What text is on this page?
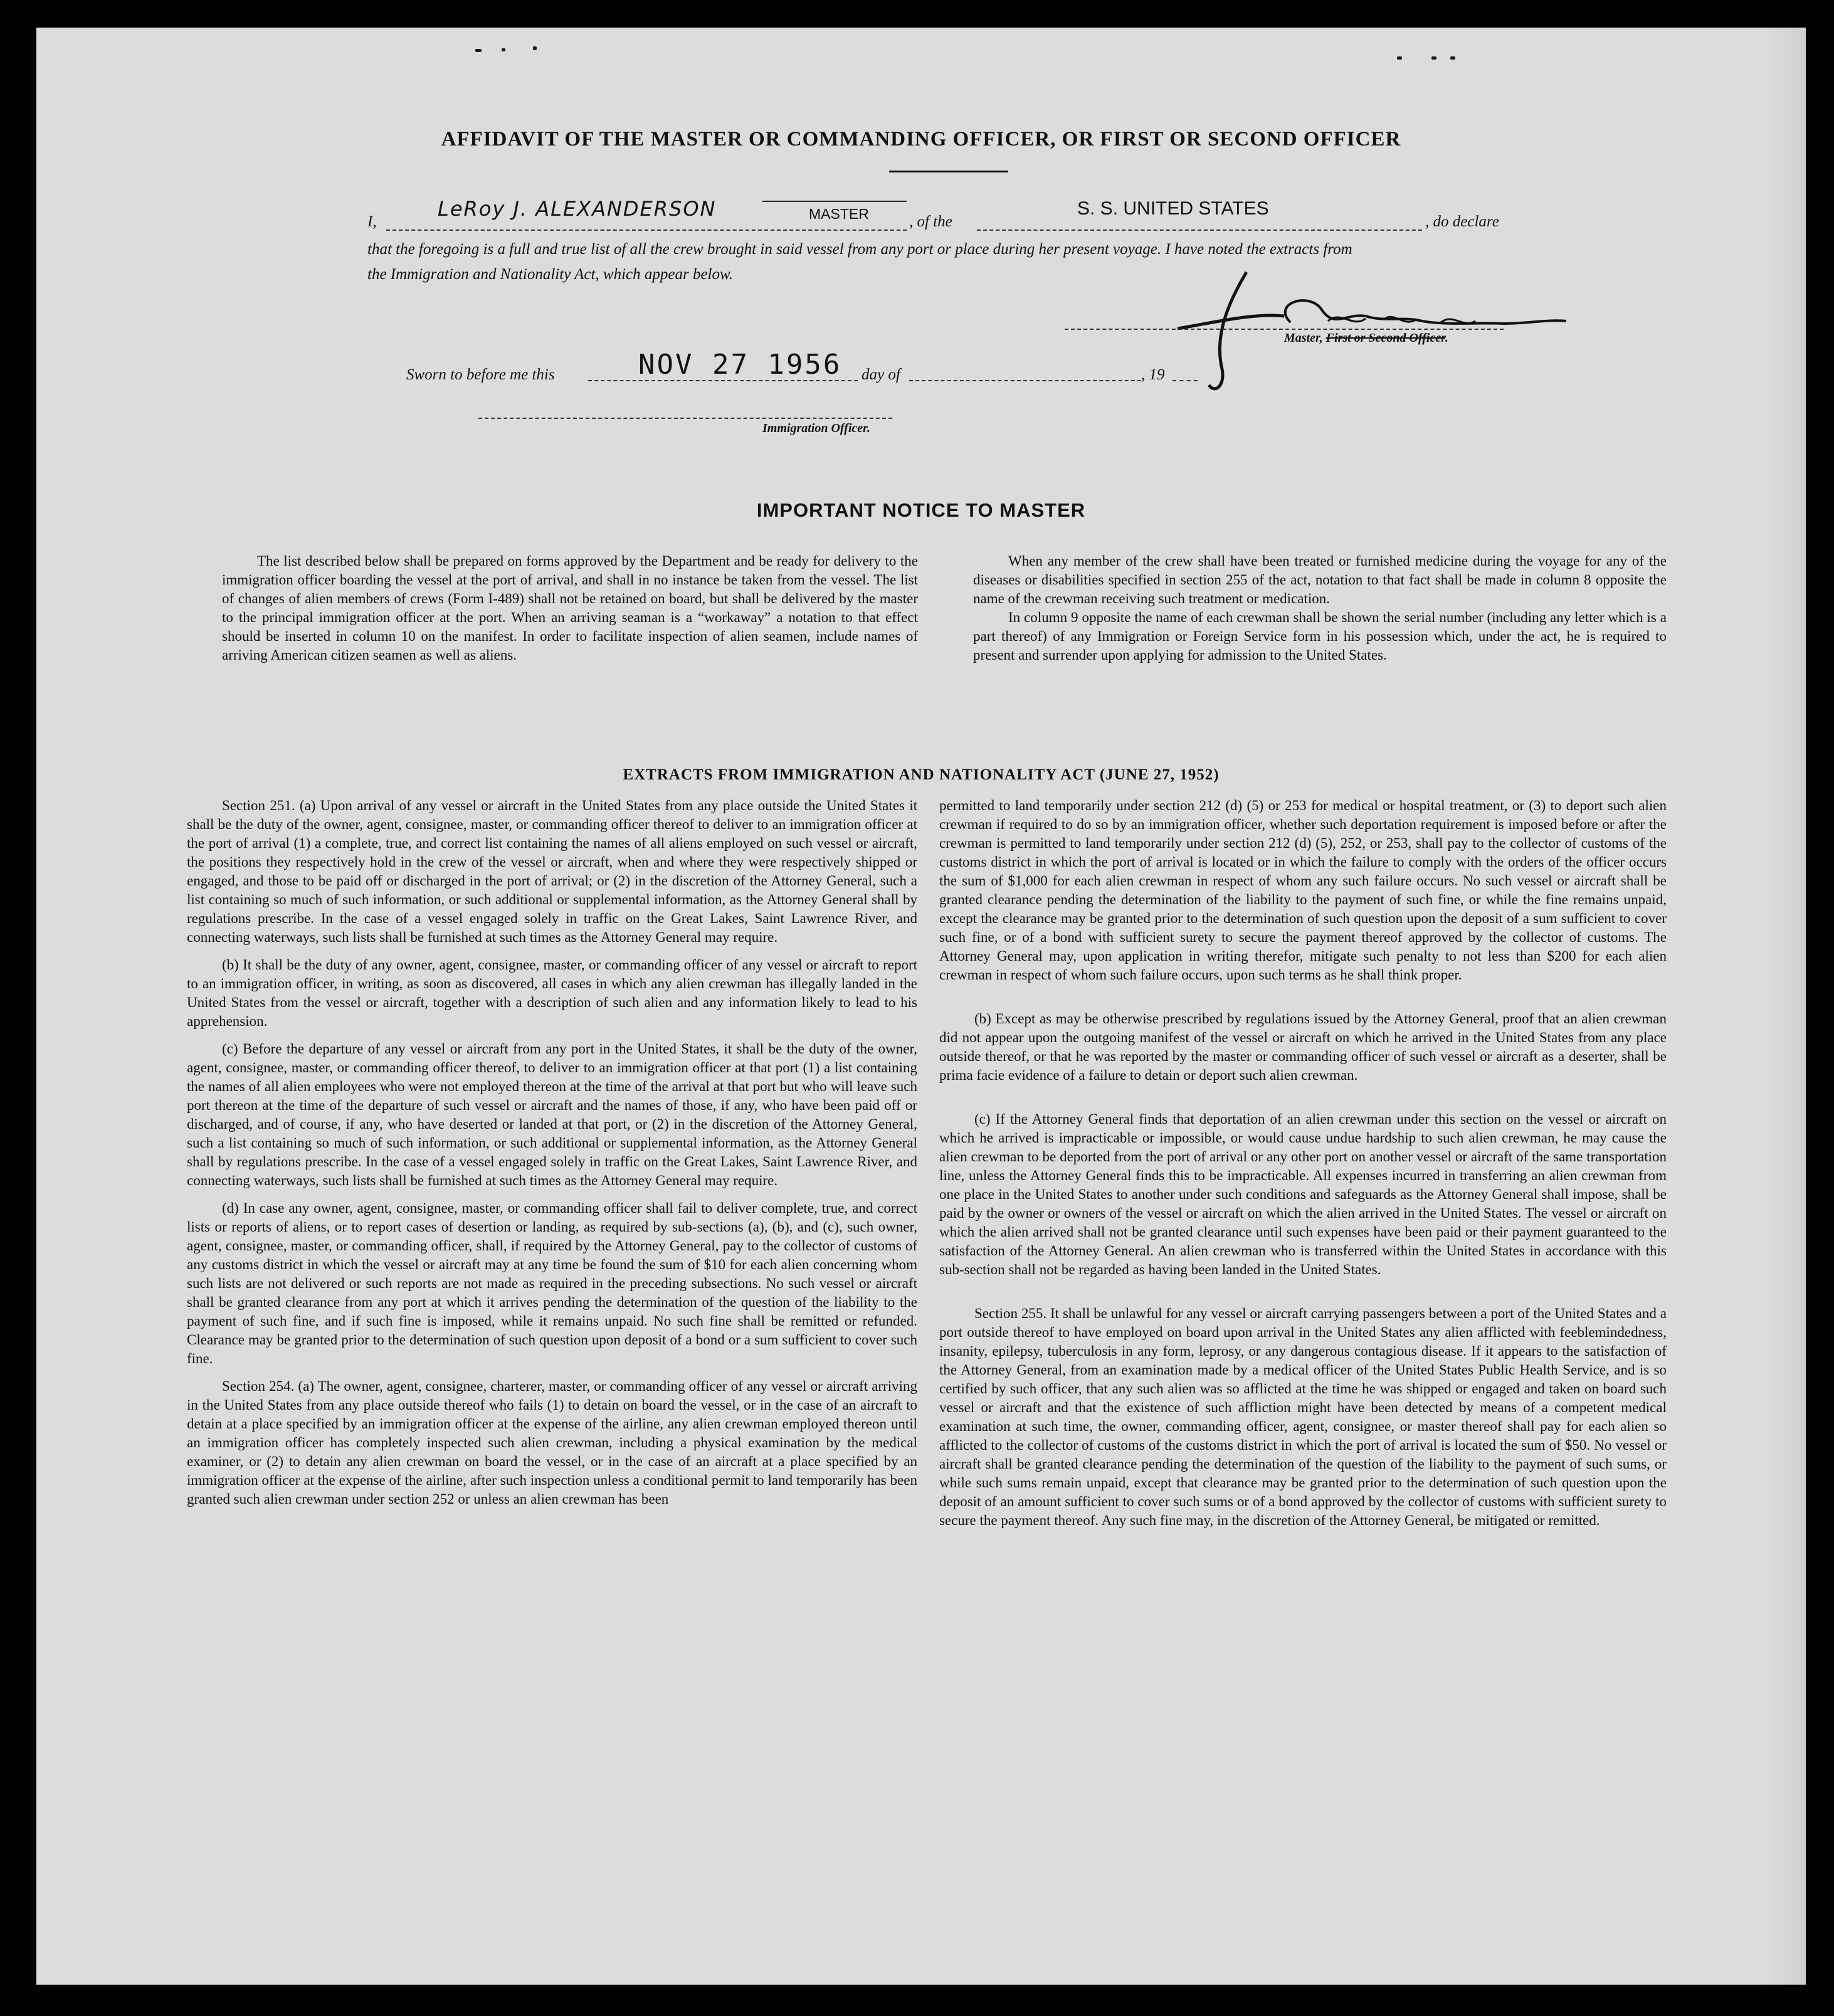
AFFIDAVIT OF THE MASTER OR COMMANDING OFFICER, OR FIRST OR SECOND OFFICER
I,
LeRoy J. ALEXANDERSON	MASTER	, of the
S. S. UNITED STATES
, do declare
that the foregoing is a full and true list of all the crew brought in said vessel from any port or place during her present voyage. I have noted the extracts from
the Immigration and Nationality Act, which appear below.
Master, First or Second Officer.
Sworn to before me this	NOV 27 1956 day of	, 19
Immigration Officer.
IMPORTANT NOTICE TO MASTER

The list described below shall be prepared on forms approved by the Department and be ready for delivery to the immigration officer boarding the vessel at the port of arrival, and shall in no instance be taken from the vessel. The list of changes of alien members of crews (Form I-489) shall not be retained on board, but shall be delivered by the master to the principal immigration officer at the port. When an arriving seaman is a “workaway” a notation to that effect should be inserted in column 10 on the manifest. In order to facilitate inspection of alien seamen, include names of arriving American citizen seamen as well as aliens.

When any member of the crew shall have been treated or furnished medicine during the voyage for any of the diseases or disabilities specified in section 255 of the act, notation to that fact shall be made in column 8 opposite the name of the crewman receiving such treatment or medication.

In column 9 opposite the name of each crewman shall be shown the serial number (including any letter which is a part thereof) of any Immigration or Foreign Service form in his possession which, under the act, he is required to present and surrender upon applying for admission to the United States.

EXTRACTS FROM IMMIGRATION AND NATIONALITY ACT (JUNE 27, 1952)

Section 251. (a) Upon arrival of any vessel or aircraft in the United States from any place outside the United States it shall be the duty of the owner, agent, consignee, master, or commanding officer thereof to deliver to an immigration officer at the port of arrival (1) a complete, true, and correct list containing the names of all aliens employed on such vessel or aircraft, the positions they respectively hold in the crew of the vessel or aircraft, when and where they were respectively shipped or engaged, and those to be paid off or discharged in the port of arrival; or (2) in the discretion of the Attorney General, such a list containing so much of such information, or such additional or supplemental information, as the Attorney General shall by regulations prescribe. In the case of a vessel engaged solely in traffic on the Great Lakes, Saint Lawrence River, and connecting waterways, such lists shall be furnished at such times as the Attorney General may require.

(b) It shall be the duty of any owner, agent, consignee, master, or commanding officer of any vessel or aircraft to report to an immigration officer, in writing, as soon as discovered, all cases in which any alien crewman has illegally landed in the United States from the vessel or aircraft, together with a description of such alien and any information likely to lead to his apprehension.

(c) Before the departure of any vessel or aircraft from any port in the United States, it shall be the duty of the owner, agent, consignee, master, or commanding officer thereof, to deliver to an immigration officer at that port (1) a list containing the names of all alien employees who were not employed thereon at the time of the arrival at that port but who will leave such port thereon at the time of the departure of such vessel or aircraft and the names of those, if any, who have been paid off or discharged, and of course, if any, who have deserted or landed at that port, or (2) in the discretion of the Attorney General, such a list containing so much of such information, or such additional or supplemental information, as the Attorney General shall by regulations prescribe. In the case of a vessel engaged solely in traffic on the Great Lakes, Saint Lawrence River, and connecting waterways, such lists shall be furnished at such times as the Attorney General may require.

(d) In case any owner, agent, consignee, master, or commanding officer shall fail to deliver complete, true, and correct lists or reports of aliens, or to report cases of desertion or landing, as required by sub-sections (a), (b), and (c), such owner, agent, consignee, master, or commanding officer, shall, if required by the Attorney General, pay to the collector of customs of any customs district in which the vessel or aircraft may at any time be found the sum of $10 for each alien concerning whom such lists are not delivered or such reports are not made as required in the preceding subsections. No such vessel or aircraft shall be granted clearance from any port at which it arrives pending the determination of the question of the liability to the payment of such fine, and if such fine is imposed, while it remains unpaid. No such fine shall be remitted or refunded. Clearance may be granted prior to the determination of such question upon deposit of a bond or a sum sufficient to cover such fine.

Section 254. (a) The owner, agent, consignee, charterer, master, or commanding officer of any vessel or aircraft arriving in the United States from any place outside thereof who fails (1) to detain on board the vessel, or in the case of an aircraft to detain at a place specified by an immigration officer at the expense of the airline, any alien crewman employed thereon until an immigration officer has completely inspected such alien crewman, including a physical examination by the medical examiner, or (2) to detain any alien crewman on board the vessel, or in the case of an aircraft at a place specified by an immigration officer at the expense of the airline, after such inspection unless a conditional permit to land temporarily has been granted such alien crewman under section 252 or unless an alien crewman has been

permitted to land temporarily under section 212 (d) (5) or 253 for medical or hospital treatment, or (3) to deport such alien crewman if required to do so by an immigration officer, whether such deportation requirement is imposed before or after the crewman is permitted to land temporarily under section 212 (d) (5), 252, or 253, shall pay to the collector of customs of the customs district in which the port of arrival is located or in which the failure to comply with the orders of the officer occurs the sum of $1,000 for each alien crewman in respect of whom any such failure occurs. No such vessel or aircraft shall be granted clearance pending the determination of the liability to the payment of such fine, or while the fine remains unpaid, except the clearance may be granted prior to the determination of such question upon the deposit of a sum sufficient to cover such fine, or of a bond with sufficient surety to secure the payment thereof approved by the collector of customs. The Attorney General may, upon application in writing therefor, mitigate such penalty to not less than $200 for each alien crewman in respect of whom such failure occurs, upon such terms as he shall think proper.

(b) Except as may be otherwise prescribed by regulations issued by the Attorney General, proof that an alien crewman did not appear upon the outgoing manifest of the vessel or aircraft on which he arrived in the United States from any place outside thereof, or that he was reported by the master or commanding officer of such vessel or aircraft as a deserter, shall be prima facie evidence of a failure to detain or deport such alien crewman.

(c) If the Attorney General finds that deportation of an alien crewman under this section on the vessel or aircraft on which he arrived is impracticable or impossible, or would cause undue hardship to such alien crewman, he may cause the alien crewman to be deported from the port of arrival or any other port on another vessel or aircraft of the same transportation line, unless the Attorney General finds this to be impracticable. All expenses incurred in transferring an alien crewman from one place in the United States to another under such conditions and safeguards as the Attorney General shall impose, shall be paid by the owner or owners of the vessel or aircraft on which the alien arrived in the United States. The vessel or aircraft on which the alien arrived shall not be granted clearance until such expenses have been paid or their payment guaranteed to the satisfaction of the Attorney General. An alien crewman who is transferred within the United States in accordance with this sub-section shall not be regarded as having been landed in the United States.

Section 255. It shall be unlawful for any vessel or aircraft carrying passengers between a port of the United States and a port outside thereof to have employed on board upon arrival in the United States any alien afflicted with feeblemindedness, insanity, epilepsy, tuberculosis in any form, leprosy, or any dangerous contagious disease. If it appears to the satisfaction of the Attorney General, from an examination made by a medical officer of the United States Public Health Service, and is so certified by such officer, that any such alien was so afflicted at the time he was shipped or engaged and taken on board such vessel or aircraft and that the existence of such affliction might have been detected by means of a competent medical examination at such time, the owner, commanding officer, agent, consignee, or master thereof shall pay for each alien so afflicted to the collector of customs of the customs district in which the port of arrival is located the sum of $50. No vessel or aircraft shall be granted clearance pending the determination of the question of the liability to the payment of such sums, or while such sums remain unpaid, except that clearance may be granted prior to the determination of such question upon the deposit of an amount sufficient to cover such sums or of a bond approved by the collector of customs with sufficient surety to secure the payment thereof. Any such fine may, in the discretion of the Attorney General, be mitigated or remitted.
